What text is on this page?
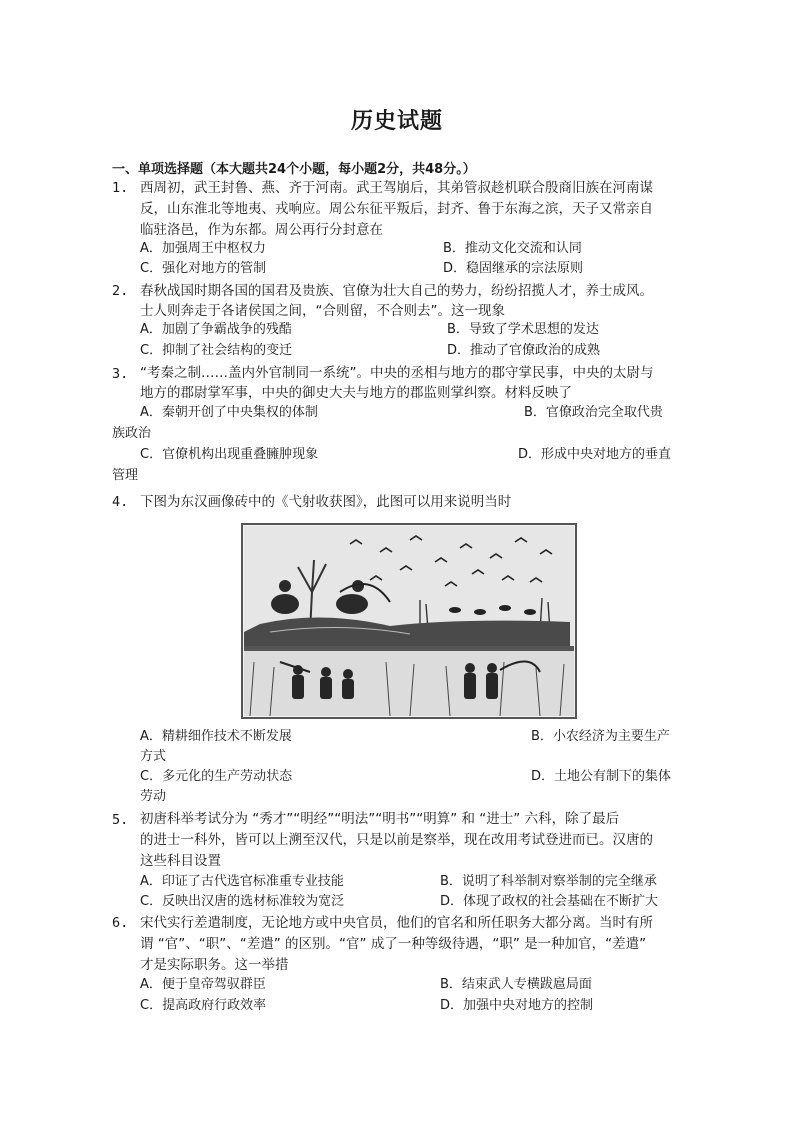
历史试题
一、单项选择题（本大题共24个小题，每小题2分，共48分。）
1. 西周初，武王封鲁、燕、齐于河南。武王驾崩后，其弟管叔趁机联合殷商旧族在河南谋
反，山东淮北等地夷、戎响应。周公东征平叛后，封齐、鲁于东海之滨，天子又常亲自
临驻洛邑，作为东都。周公再行分封意在
A．加强周王中枢权力	B．推动文化交流和认同
C．强化对地方的管制	D．稳固继承的宗法原则
2. 春秋战国时期各国的国君及贵族、官僚为壮大自己的势力，纷纷招揽人才，养士成风。
士人则奔走于各诸侯国之间，“合则留，不合则去”。这一现象
A．加剧了争霸战争的残酷	B．导致了学术思想的发达
C．抑制了社会结构的变迁	D．推动了官僚政治的成熟
3. “考秦之制……盖内外官制同一系统”。中央的丞相与地方的郡守掌民事，中央的太尉与
地方的郡尉掌军事，中央的御史大夫与地方的郡监则掌纠察。材料反映了
A．秦朝开创了中央集权的体制	B．官僚政治完全取代贵
族政治
C．官僚机构出现重叠臃肿现象	D．形成中央对地方的垂直
管理
4. 下图为东汉画像砖中的《弋射收获图》，此图可以用来说明当时
A．精耕细作技术不断发展	B．小农经济为主要生产
方式
C．多元化的生产劳动状态	D．土地公有制下的集体
劳动
5. 初唐科举考试分为 “秀才”“明经”“明法”“明书”“明算” 和 “进士” 六科，除了最后
的进士一科外，皆可以上溯至汉代，只是以前是察举，现在改用考试登进而已。汉唐的
这些科目设置
A．印证了古代选官标准重专业技能	B．说明了科举制对察举制的完全继承
C．反映出汉唐的选材标准较为宽泛	D．体现了政权的社会基础在不断扩大
6. 宋代实行差遣制度，无论地方或中央官员，他们的官名和所任职务大都分离。当时有所
谓 “官”、“职”、“差遣” 的区别。“官” 成了一种等级待遇，“职” 是一种加官，“差遣”
才是实际职务。这一举措
A．便于皇帝驾驭群臣	B．结束武人专横跋扈局面
C．提高政府行政效率	D．加强中央对地方的控制
